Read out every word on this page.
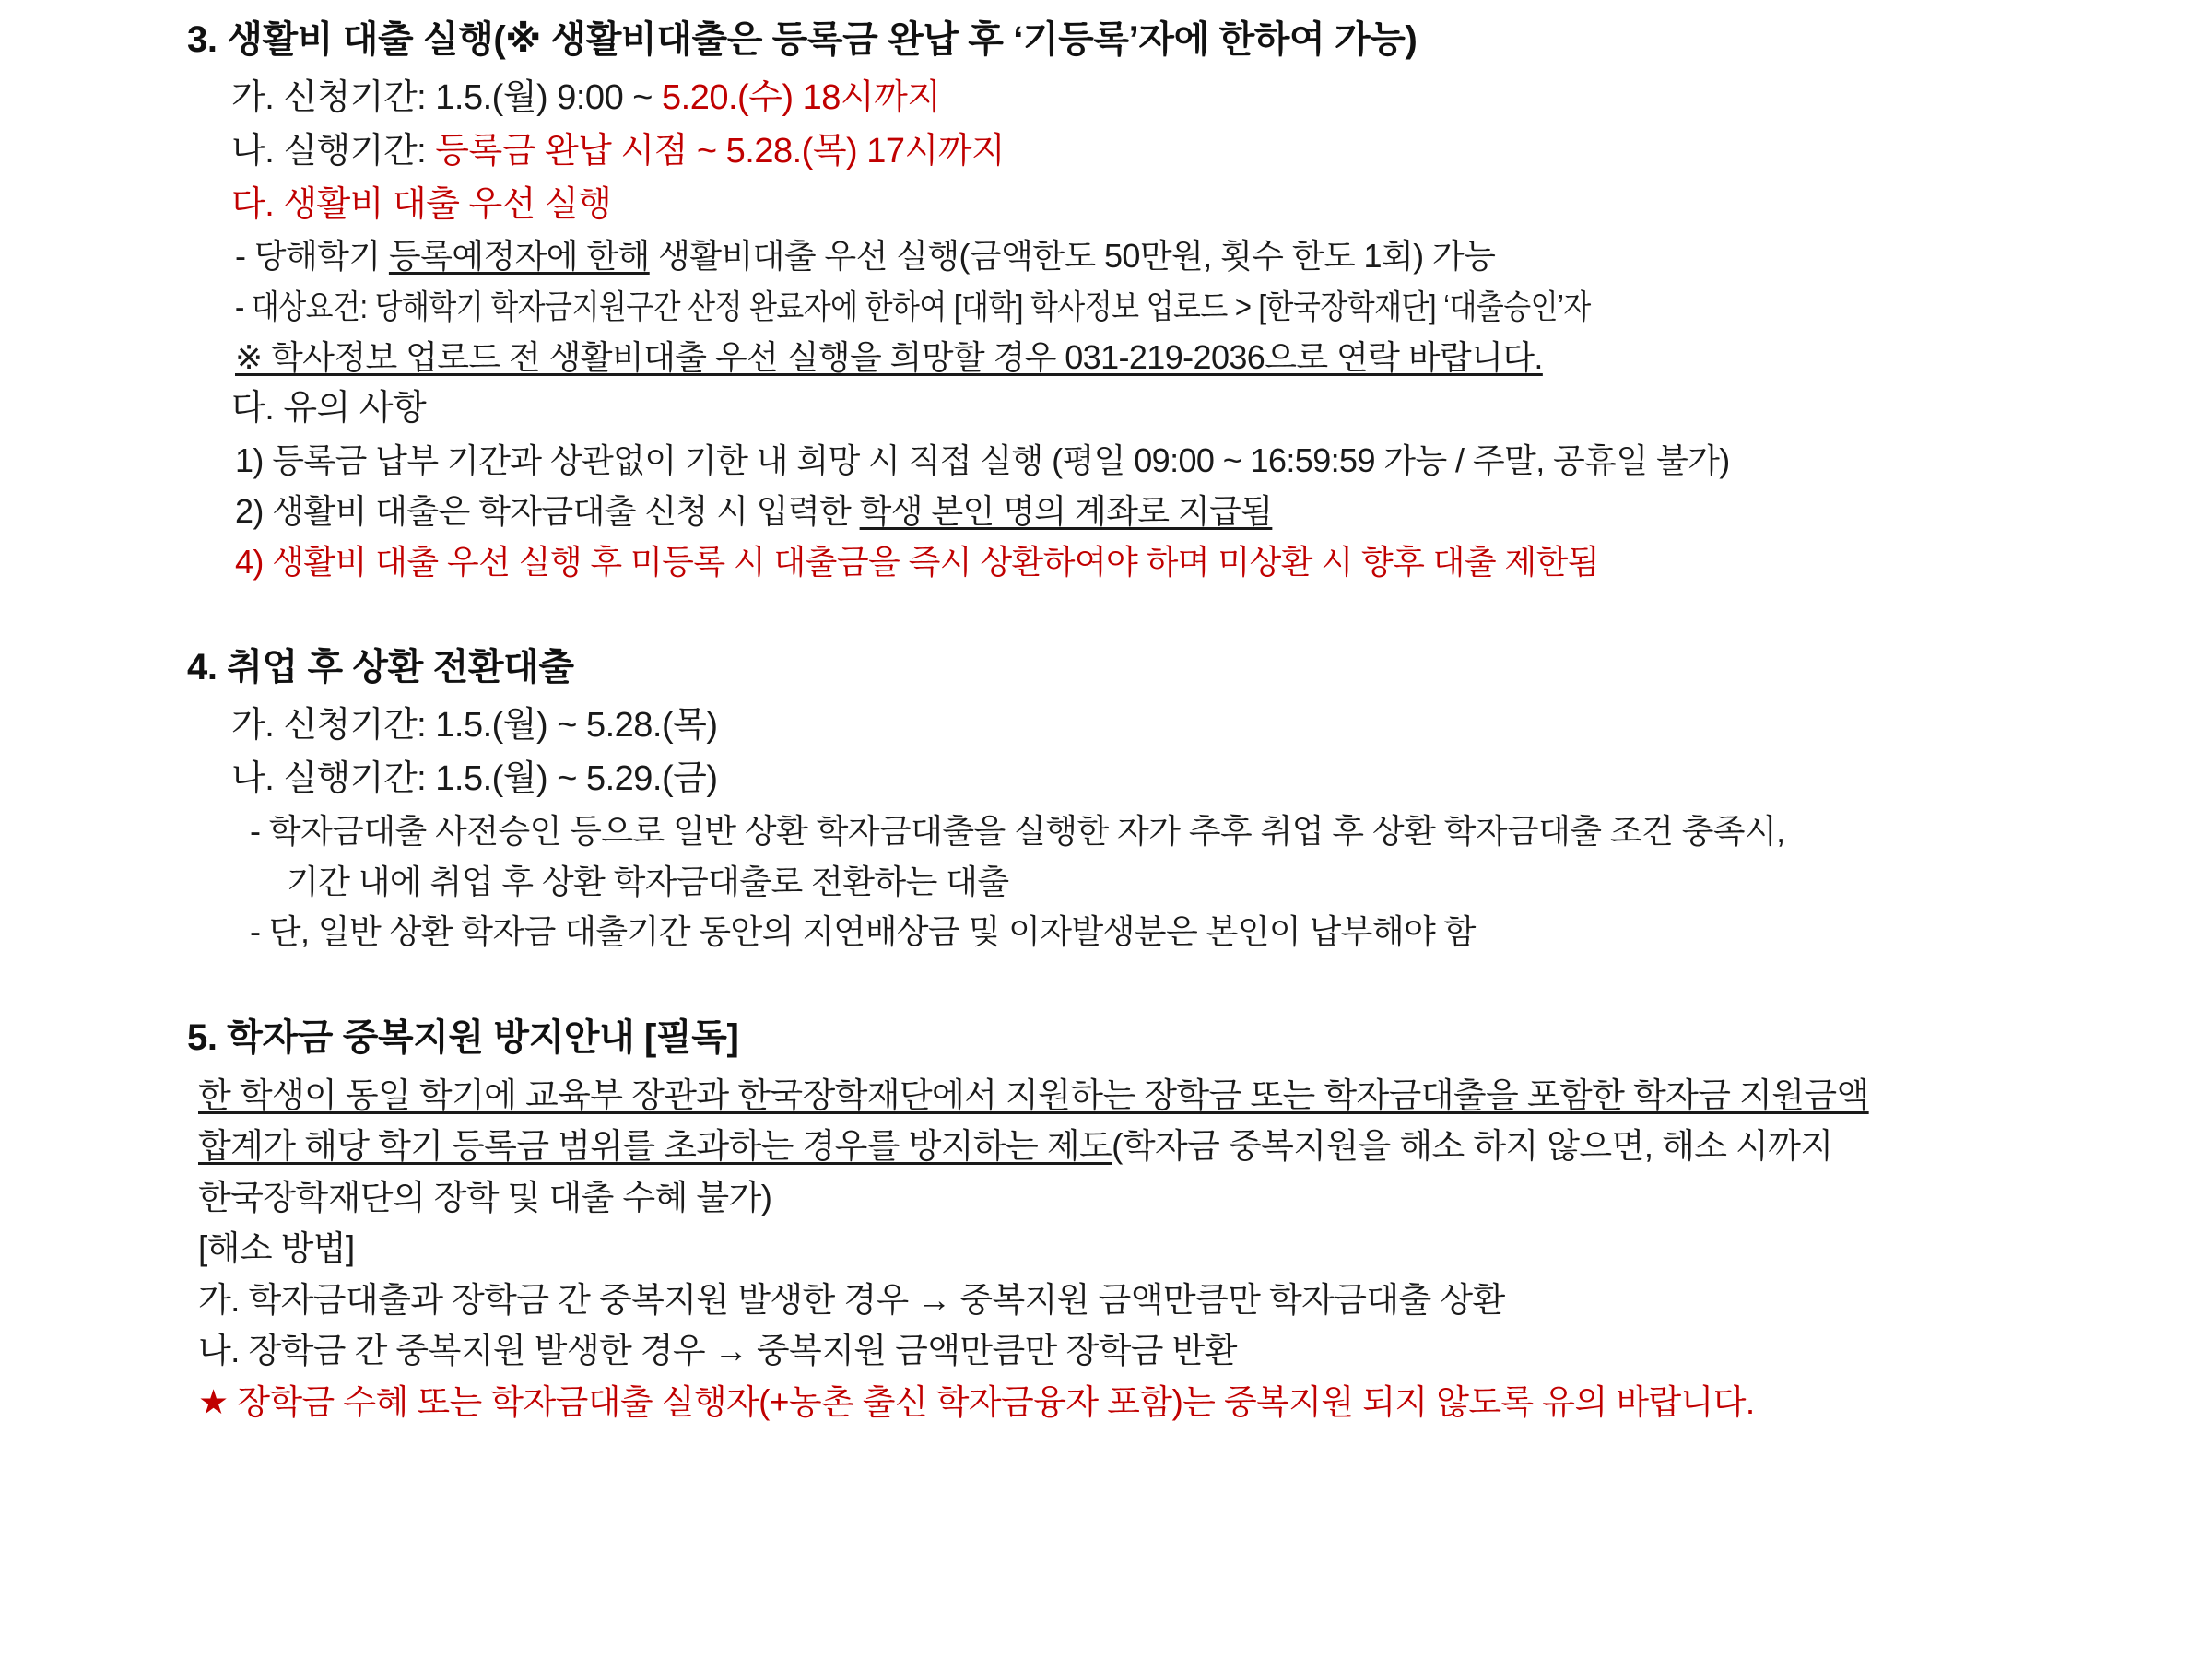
3. 생활비 대출 실행(※ 생활비대출은 등록금 완납 후 ‘기등록’자에 한하여 가능)
가. 신청기간: 1.5.(월) 9:00 ~ 5.20.(수) 18시까지
나. 실행기간: 등록금 완납 시점 ~ 5.28.(목) 17시까지
다. 생활비 대출 우선 실행
- 당해학기 등록예정자에 한해 생활비대출 우선 실행(금액한도 50만원, 횟수 한도 1회) 가능
- 대상요건: 당해학기 학자금지원구간 산정 완료자에 한하여 [대학] 학사정보 업로드 > [한국장학재단] ‘대출승인’자
※ 학사정보 업로드 전 생활비대출 우선 실행을 희망할 경우 031-219-2036으로 연락 바랍니다.
다. 유의 사항
1) 등록금 납부 기간과 상관없이 기한 내 희망 시 직접 실행 (평일 09:00 ~ 16:59:59 가능 / 주말, 공휴일 불가)
2) 생활비 대출은 학자금대출 신청 시 입력한 학생 본인 명의 계좌로 지급됨
4) 생활비 대출 우선 실행 후 미등록 시 대출금을 즉시 상환하여야 하며 미상환 시 향후 대출 제한됨
4. 취업 후 상환 전환대출
가. 신청기간: 1.5.(월) ~ 5.28.(목)
나. 실행기간: 1.5.(월) ~ 5.29.(금)
- 학자금대출 사전승인 등으로 일반 상환 학자금대출을 실행한 자가 추후 취업 후 상환 학자금대출 조건 충족시,
기간 내에 취업 후 상환 학자금대출로 전환하는 대출
- 단, 일반 상환 학자금 대출기간 동안의 지연배상금 및 이자발생분은 본인이 납부해야 함
5. 학자금 중복지원 방지안내 [필독]
한 학생이 동일 학기에 교육부 장관과 한국장학재단에서 지원하는 장학금 또는 학자금대출을 포함한 학자금 지원금액
합계가 해당 학기 등록금 범위를 초과하는 경우를 방지하는 제도(학자금 중복지원을 해소 하지 않으면, 해소 시까지
한국장학재단의 장학 및 대출 수혜 불가)
[해소 방법]
가. 학자금대출과 장학금 간 중복지원 발생한 경우 → 중복지원 금액만큼만 학자금대출 상환
나. 장학금 간 중복지원 발생한 경우 → 중복지원 금액만큼만 장학금 반환
★ 장학금 수혜 또는 학자금대출 실행자(+농촌 출신 학자금융자 포함)는 중복지원 되지 않도록 유의 바랍니다.
